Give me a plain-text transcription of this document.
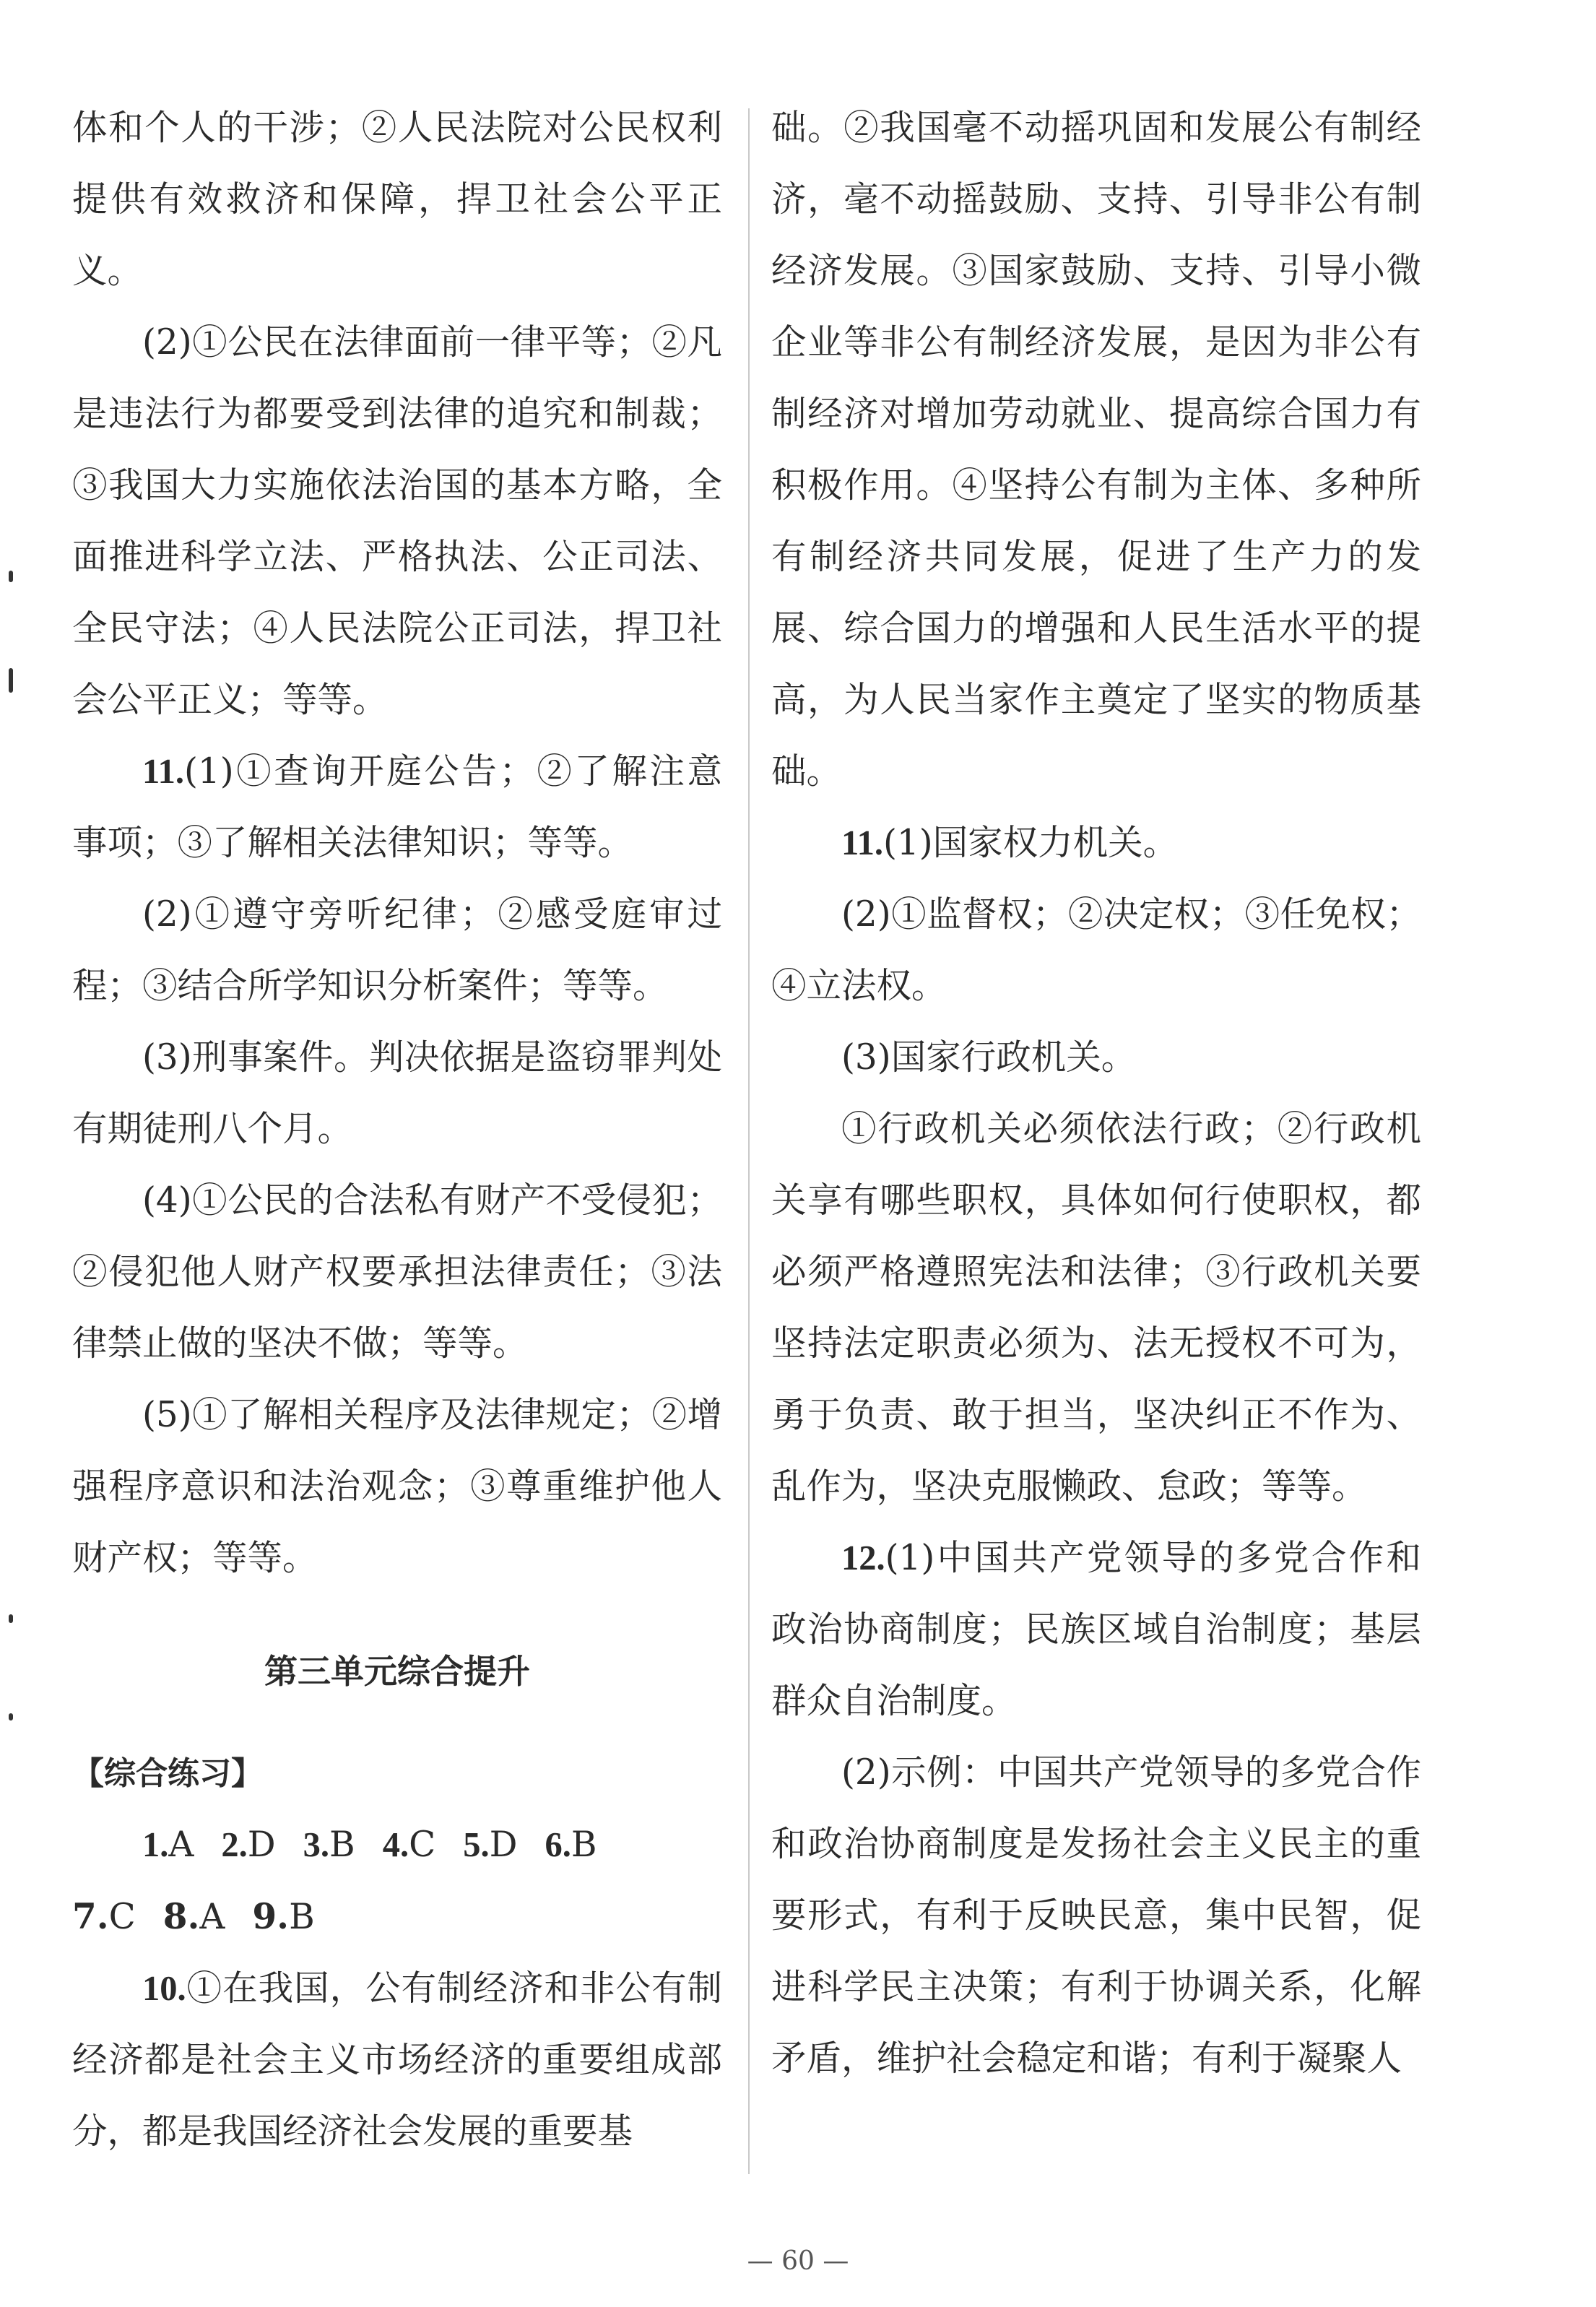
体和个人的干涉；②人民法院对公民权利提供有效救济和保障，捍卫社会公平正义。

(2)①公民在法律面前一律平等；②凡是违法行为都要受到法律的追究和制裁；③我国大力实施依法治国的基本方略，全面推进科学立法、严格执法、公正司法、全民守法；④人民法院公正司法，捍卫社会公平正义；等等。

11.(1)①查询开庭公告；②了解注意事项；③了解相关法律知识；等等。

(2)①遵守旁听纪律；②感受庭审过程；③结合所学知识分析案件；等等。

(3)刑事案件。判决依据是盗窃罪判处有期徒刑八个月。

(4)①公民的合法私有财产不受侵犯；②侵犯他人财产权要承担法律责任；③法律禁止做的坚决不做；等等。

(5)①了解相关程序及法律规定；②增强程序意识和法治观念；③尊重维护他人财产权；等等。

第三单元综合提升

【综合练习】

1.A 2.D 3.B 4.C 5.D 6.B

7.C 8.A 9.B

10.①在我国，公有制经济和非公有制经济都是社会主义市场经济的重要组成部分，都是我国经济社会发展的重要基

础。②我国毫不动摇巩固和发展公有制经济，毫不动摇鼓励、支持、引导非公有制经济发展。③国家鼓励、支持、引导小微企业等非公有制经济发展，是因为非公有制经济对增加劳动就业、提高综合国力有积极作用。④坚持公有制为主体、多种所有制经济共同发展，促进了生产力的发展、综合国力的增强和人民生活水平的提高，为人民当家作主奠定了坚实的物质基础。

11.(1)国家权力机关。

(2)①监督权；②决定权；③任免权；④立法权。

(3)国家行政机关。

①行政机关必须依法行政；②行政机关享有哪些职权，具体如何行使职权，都必须严格遵照宪法和法律；③行政机关要坚持法定职责必须为、法无授权不可为，勇于负责、敢于担当，坚决纠正不作为、乱作为，坚决克服懒政、怠政；等等。

12.(1)中国共产党领导的多党合作和政治协商制度；民族区域自治制度；基层群众自治制度。

(2)示例：中国共产党领导的多党合作和政治协商制度是发扬社会主义民主的重要形式，有利于反映民意，集中民智，促进科学民主决策；有利于协调关系，化解矛盾，维护社会稳定和谐；有利于凝聚人

— 60 —
